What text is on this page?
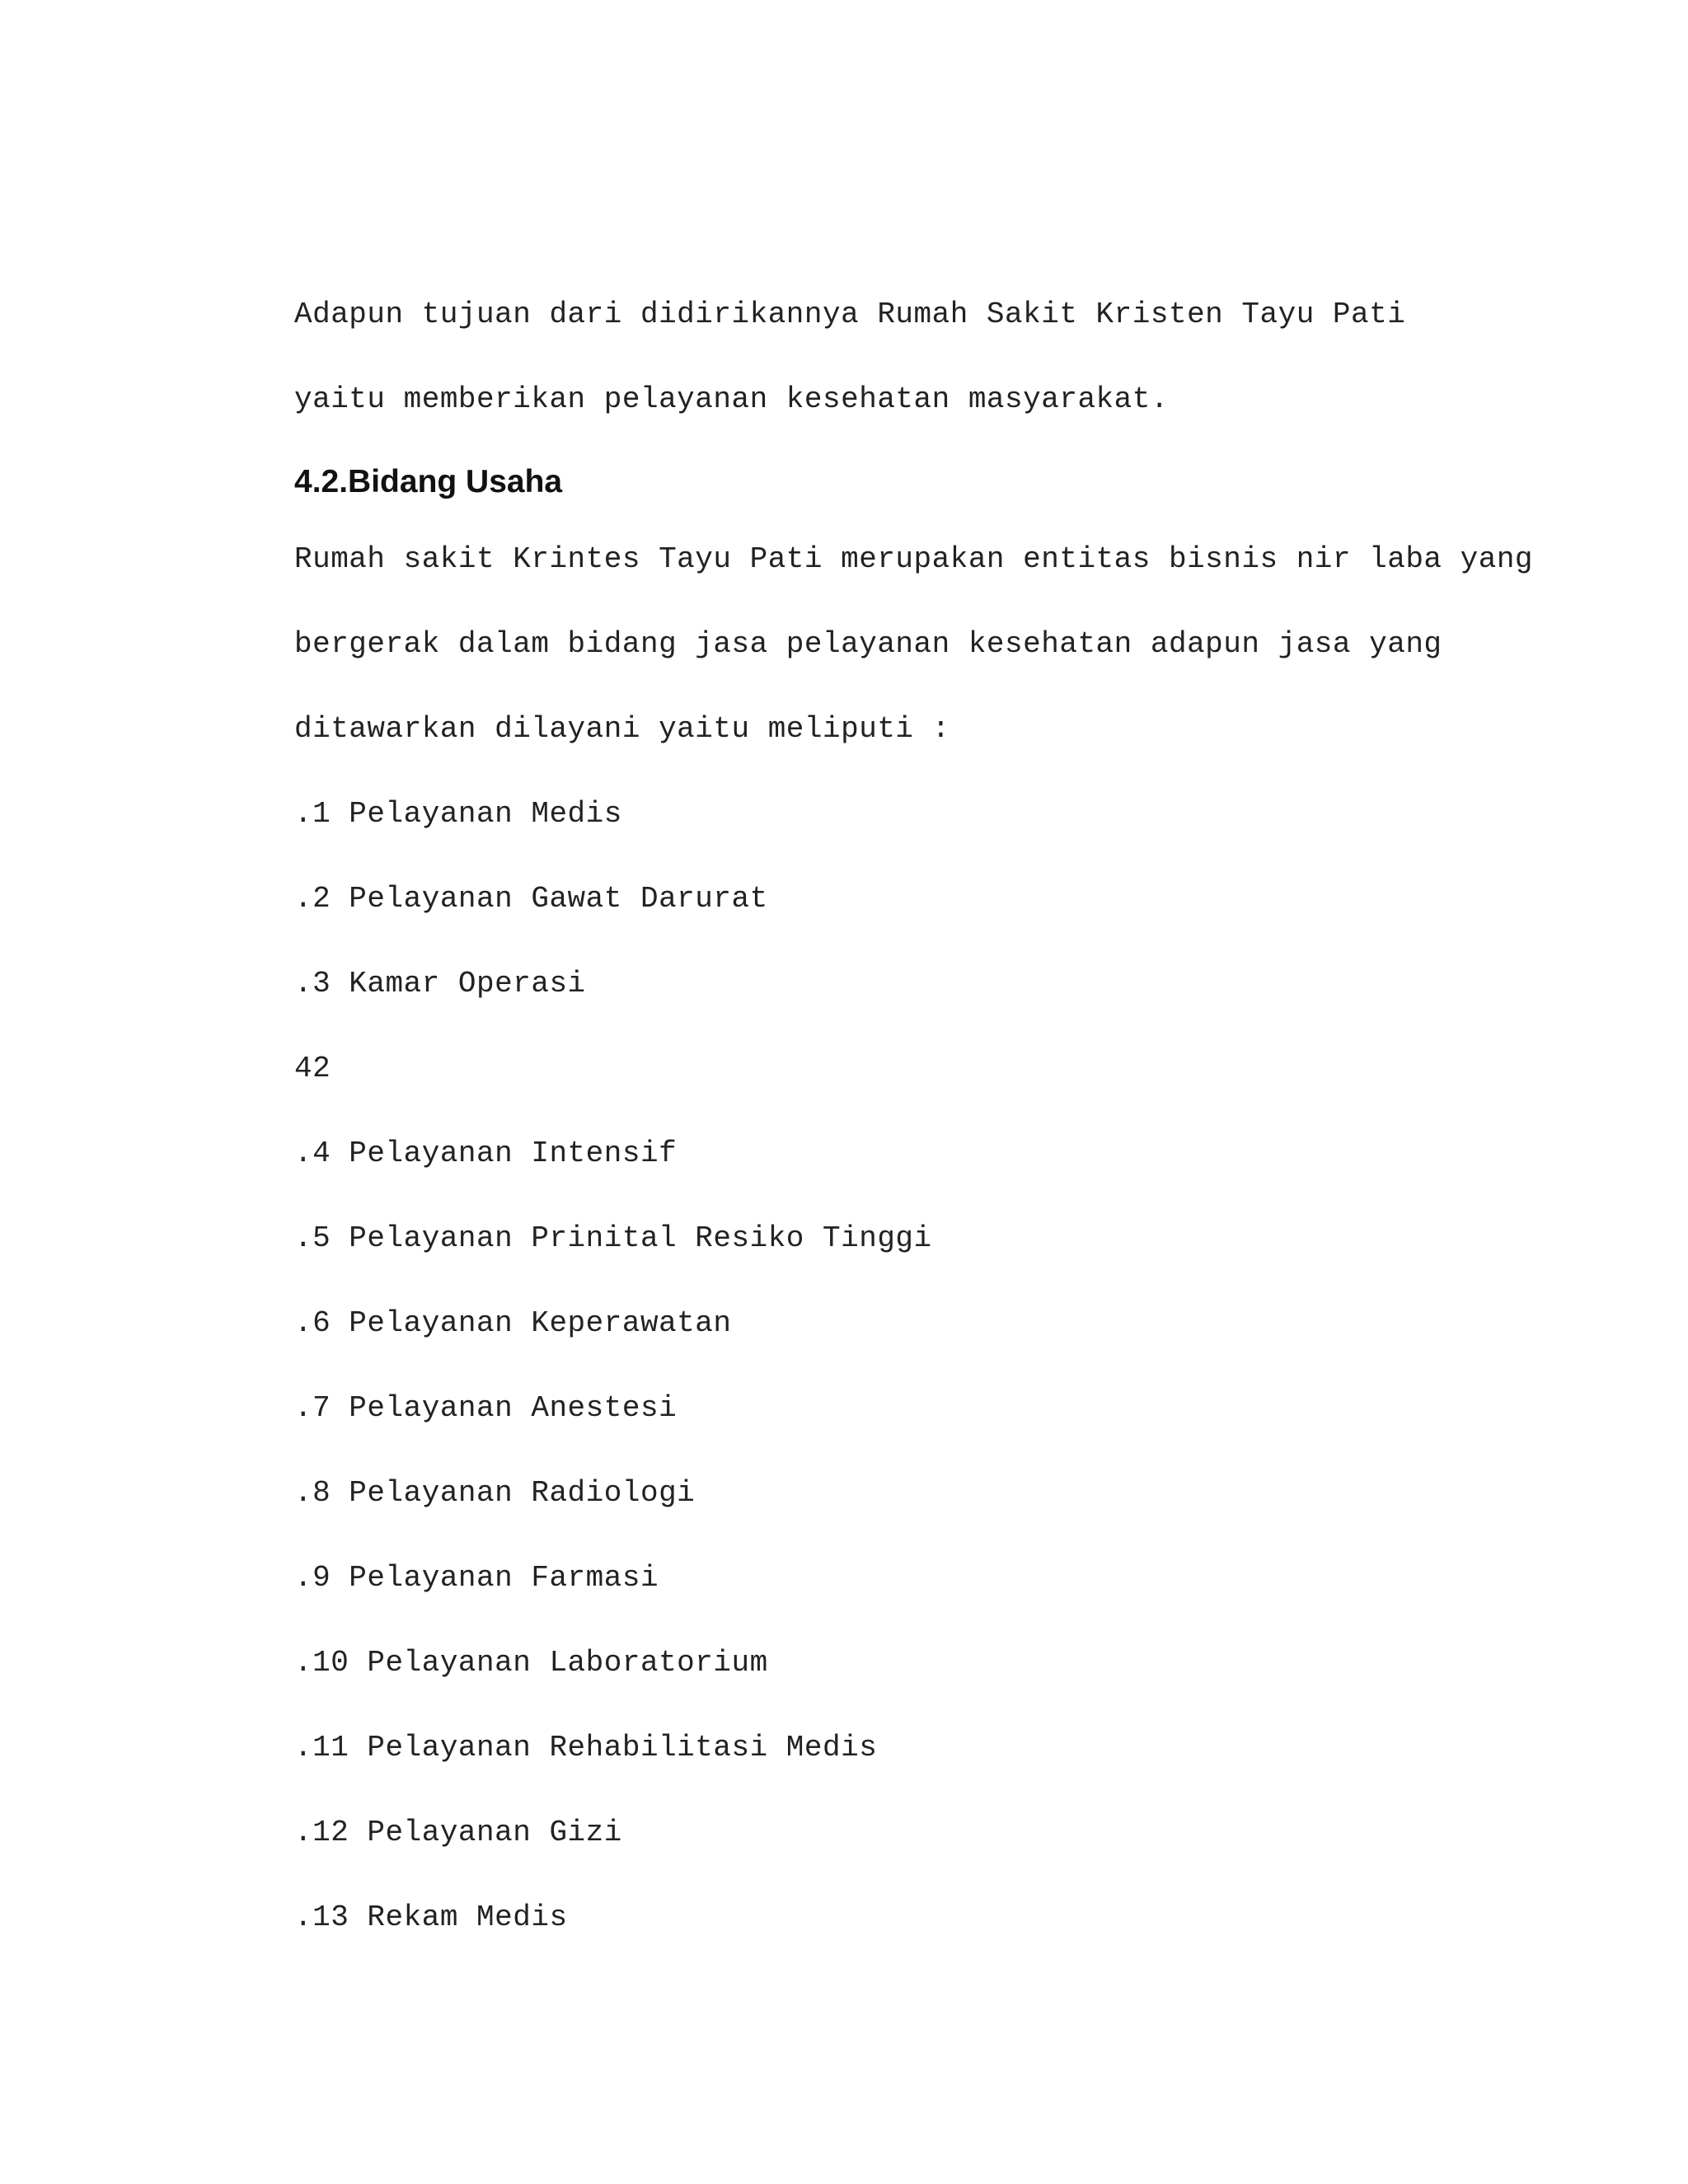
Adapun tujuan dari didirikannya Rumah Sakit Kristen Tayu Pati
yaitu memberikan pelayanan kesehatan masyarakat.
4.2.Bidang Usaha
Rumah sakit Krintes Tayu Pati merupakan entitas bisnis nir laba yang
bergerak dalam bidang jasa pelayanan kesehatan adapun jasa yang
ditawarkan dilayani yaitu meliputi :
.1 Pelayanan Medis
.2 Pelayanan Gawat Darurat
.3 Kamar Operasi
42
.4 Pelayanan Intensif
.5 Pelayanan Prinital Resiko Tinggi
.6 Pelayanan Keperawatan
.7 Pelayanan Anestesi
.8 Pelayanan Radiologi
.9 Pelayanan Farmasi
.10 Pelayanan Laboratorium
.11 Pelayanan Rehabilitasi Medis
.12 Pelayanan Gizi
.13 Rekam Medis
